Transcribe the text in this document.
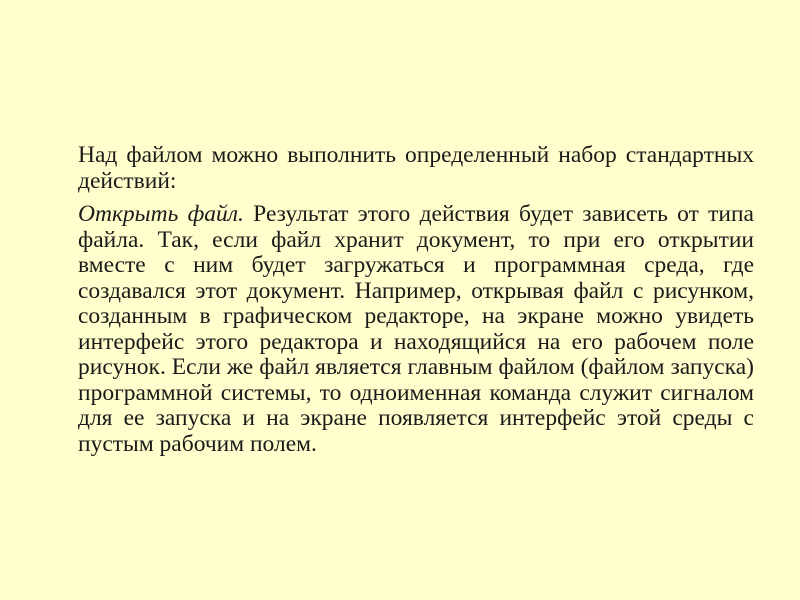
Над файлом можно выполнить определенный набор стандартных действий:

Открыть файл. Результат этого действия будет зависеть от типа файла. Так, если файл хранит документ, то при его открытии вместе с ним будет загружаться и программная среда, где создавался этот документ. Например, открывая файл с рисунком, созданным в графическом редакторе, на экране можно увидеть интерфейс этого редактора и находящийся на его рабочем поле рисунок. Если же файл является главным файлом (файлом запуска) программной системы, то одноименная команда служит сигналом для ее запуска и на экране появляется интерфейс этой среды с пустым рабочим полем.
